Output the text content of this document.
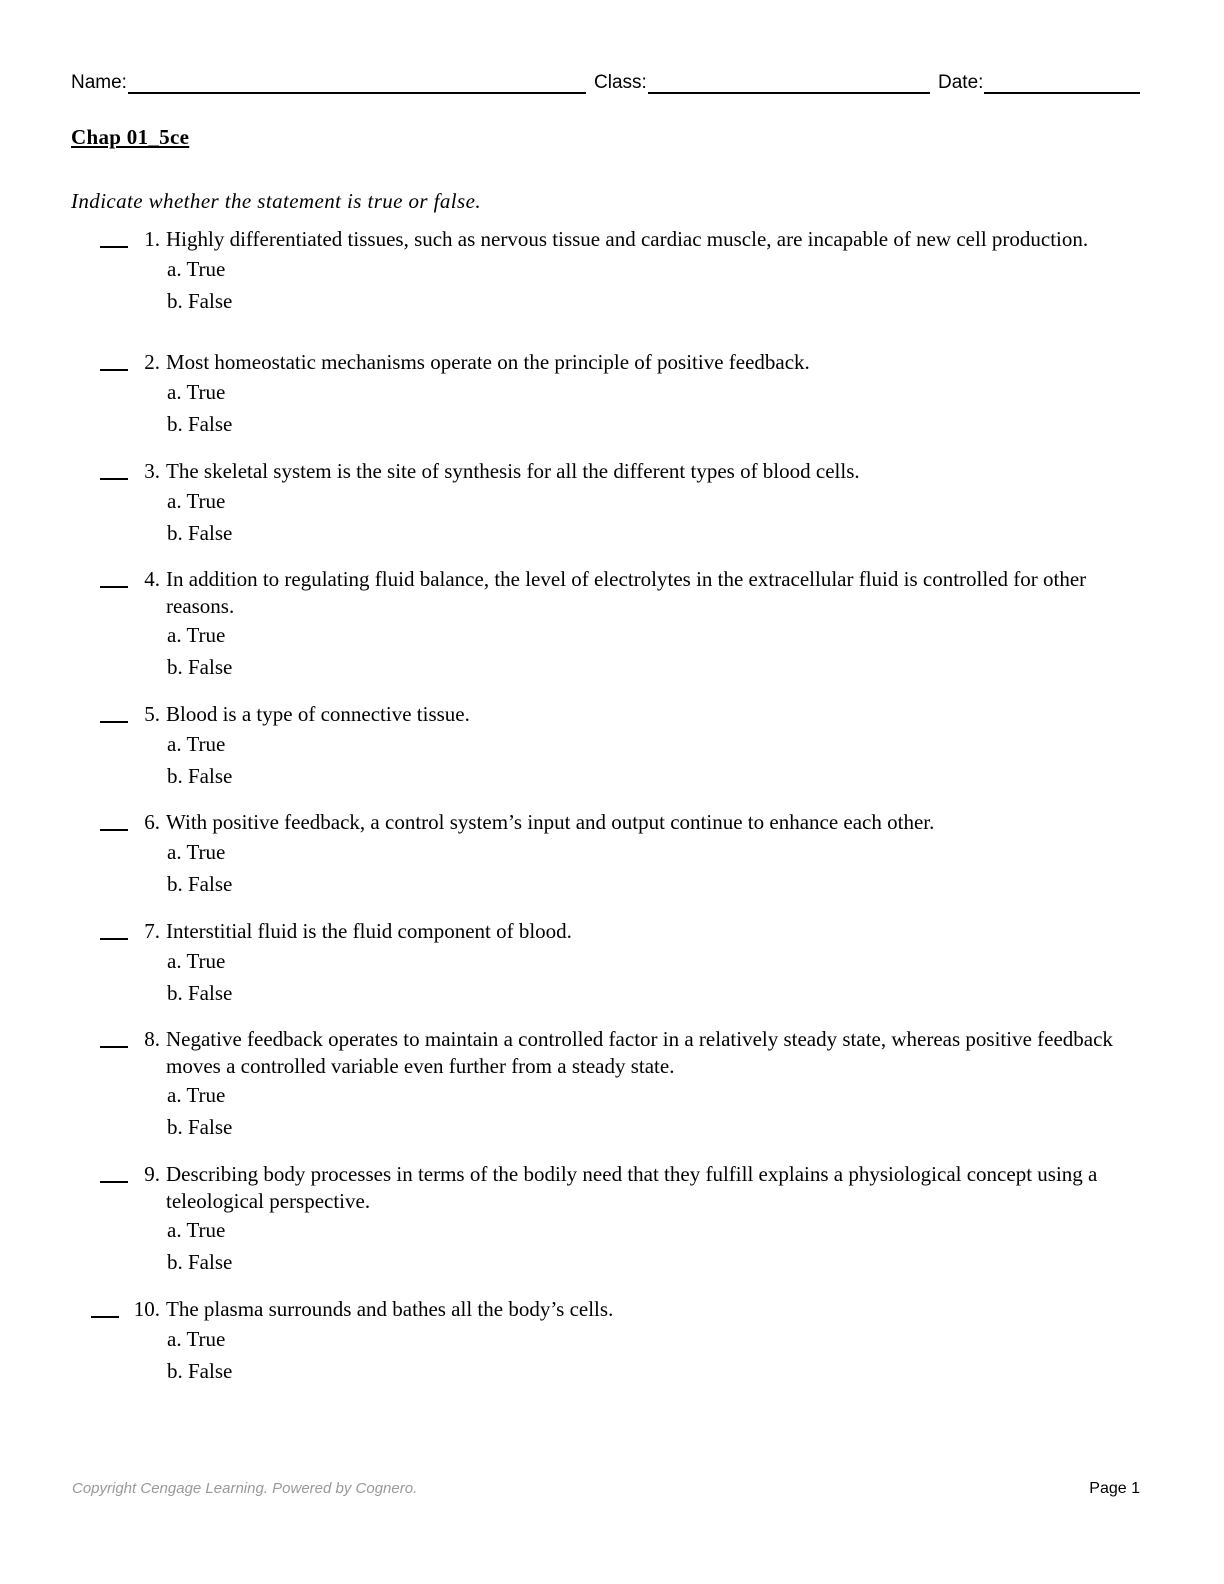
Name:	Class:	Date:
Chap 01_5ce
Indicate whether the statement is true or false.
1. Highly differentiated tissues, such as nervous tissue and cardiac muscle, are incapable of new cell production.
a. True
b. False
2. Most homeostatic mechanisms operate on the principle of positive feedback.
a. True
b. False
3. The skeletal system is the site of synthesis for all the different types of blood cells.
a. True
b. False
4. In addition to regulating fluid balance, the level of electrolytes in the extracellular fluid is controlled for other reasons.
a. True
b. False
5. Blood is a type of connective tissue.
a. True
b. False
6. With positive feedback, a control system’s input and output continue to enhance each other.
a. True
b. False
7. Interstitial fluid is the fluid component of blood.
a. True
b. False
8. Negative feedback operates to maintain a controlled factor in a relatively steady state, whereas positive feedback moves a controlled variable even further from a steady state.
a. True
b. False
9. Describing body processes in terms of the bodily need that they fulfill explains a physiological concept using a teleological perspective.
a. True
b. False
10. The plasma surrounds and bathes all the body’s cells.
a. True
b. False
Copyright Cengage Learning. Powered by Cognero.	Page 1
